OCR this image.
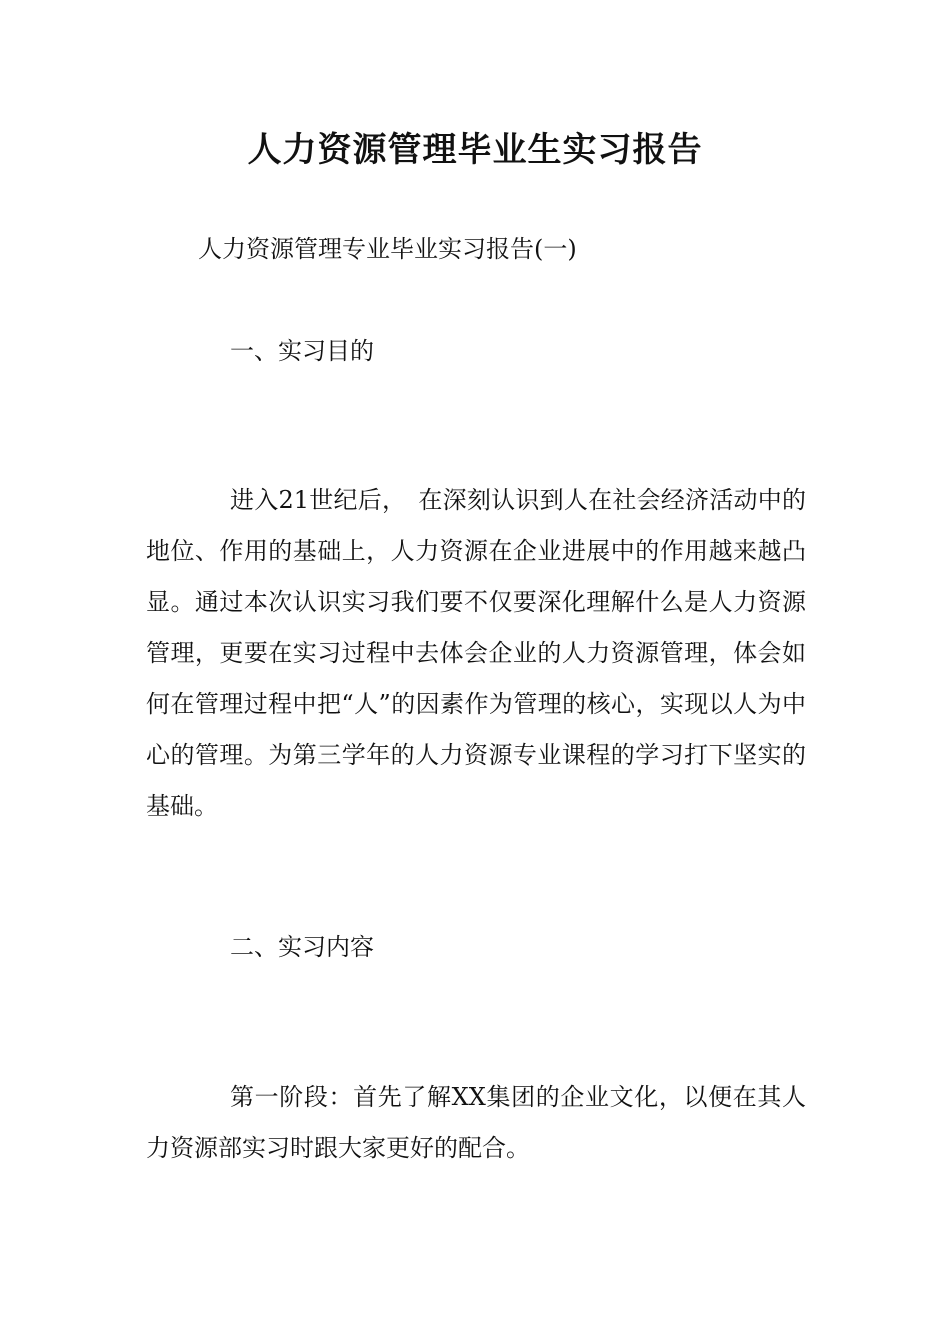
人力资源管理毕业生实习报告
人力资源管理专业毕业实习报告(一)
一、实习目的
进入21世纪后，　在深刻认识到人在社会经济活动中的地位、作用的基础上，人力资源在企业进展中的作用越来越凸显。通过本次认识实习我们要不仅要深化理解什么是人力资源管理，更要在实习过程中去体会企业的人力资源管理，体会如何在管理过程中把“人”的因素作为管理的核心，实现以人为中心的管理。为第三学年的人力资源专业课程的学习打下坚实的基础。
二、实习内容
第一阶段：首先了解XX集团的企业文化，以便在其人力资源部实习时跟大家更好的配合。
